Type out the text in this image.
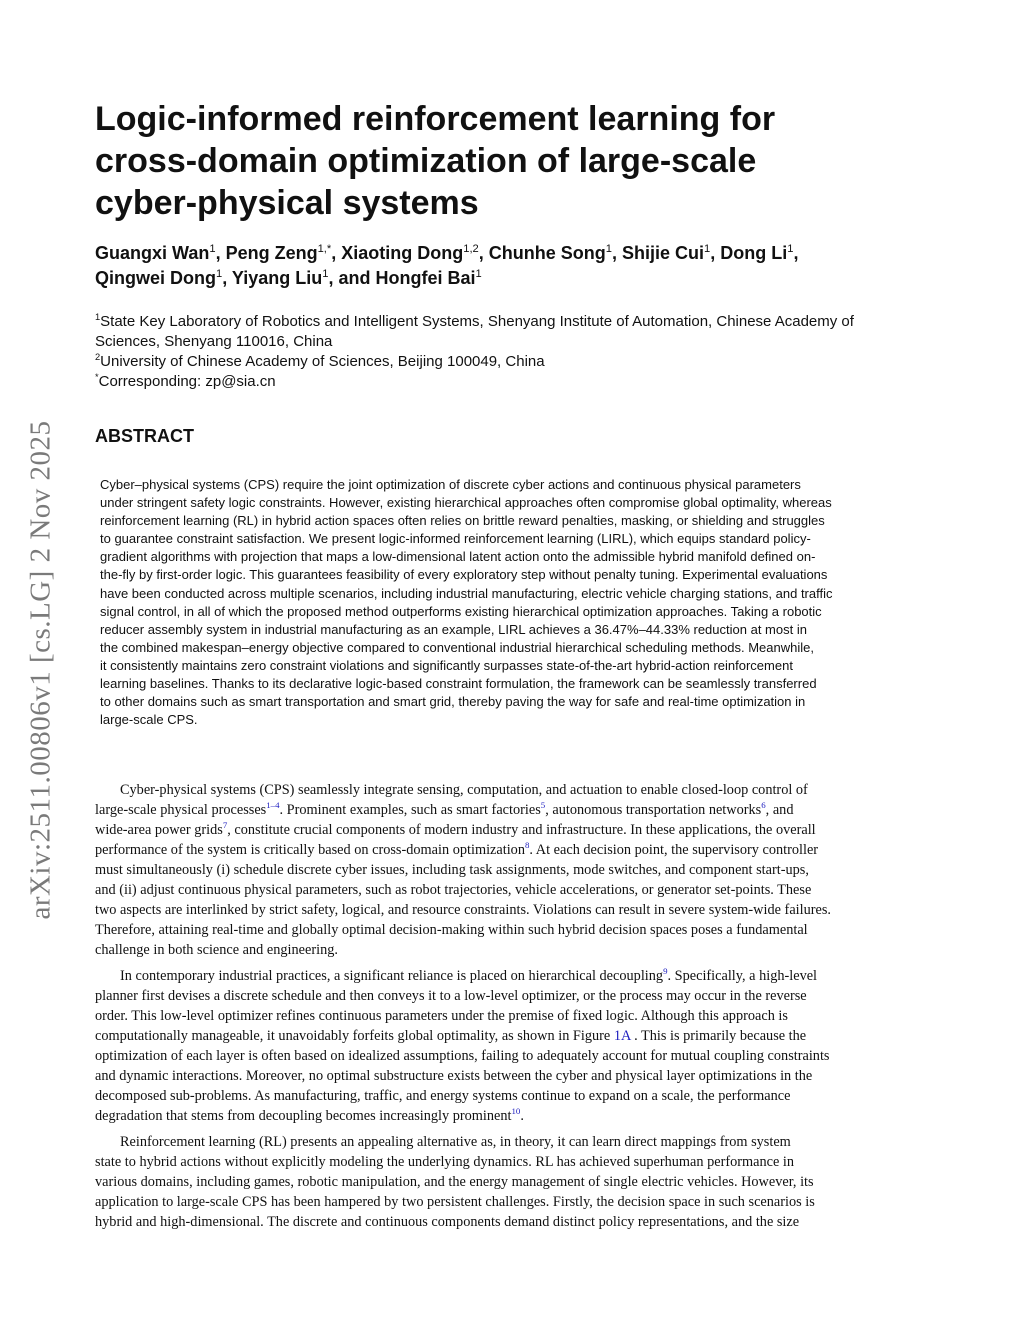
arXiv:2511.00806v1 [cs.LG] 2 Nov 2025
Logic-informed reinforcement learning for
cross-domain optimization of large-scale
cyber-physical systems
Guangxi Wan$^1$, Peng Zeng$^{1,*}$, Xiaoting Dong$^{1,2}$, Chunhe Song$^1$, Shijie Cui$^1$, Dong Li$^1$,
Qingwei Dong$^1$, Yiyang Liu$^1$, and Hongfei Bai$^1$
$^1$State Key Laboratory of Robotics and Intelligent Systems, Shenyang Institute of Automation, Chinese Academy of
Sciences, Shenyang 110016, China
$^2$University of Chinese Academy of Sciences, Beijing 100049, China
*Corresponding: zp@sia.cn
ABSTRACT
Cyber–physical systems (CPS) require the joint optimization of discrete cyber actions and continuous physical parameters
under stringent safety logic constraints. However, existing hierarchical approaches often compromise global optimality, whereas
reinforcement learning (RL) in hybrid action spaces often relies on brittle reward penalties, masking, or shielding and struggles
to guarantee constraint satisfaction. We present logic-informed reinforcement learning (LIRL), which equips standard policy-
gradient algorithms with projection that maps a low-dimensional latent action onto the admissible hybrid manifold defined on-
the-fly by first-order logic. This guarantees feasibility of every exploratory step without penalty tuning. Experimental evaluations
have been conducted across multiple scenarios, including industrial manufacturing, electric vehicle charging stations, and traffic
signal control, in all of which the proposed method outperforms existing hierarchical optimization approaches. Taking a robotic
reducer assembly system in industrial manufacturing as an example, LIRL achieves a 36.47%–44.33% reduction at most in
the combined makespan–energy objective compared to conventional industrial hierarchical scheduling methods. Meanwhile,
it consistently maintains zero constraint violations and significantly surpasses state-of-the-art hybrid-action reinforcement
learning baselines. Thanks to its declarative logic-based constraint formulation, the framework can be seamlessly transferred
to other domains such as smart transportation and smart grid, thereby paving the way for safe and real-time optimization in
large-scale CPS.

Cyber-physical systems (CPS) seamlessly integrate sensing, computation, and actuation to enable closed-loop control of
large-scale physical processes$^{1-4}$. Prominent examples, such as smart factories$^5$, autonomous transportation networks$^6$, and
wide-area power grids$^7$, constitute crucial components of modern industry and infrastructure. In these applications, the overall
performance of the system is critically based on cross-domain optimization$^8$. At each decision point, the supervisory controller
must simultaneously (i) schedule discrete cyber issues, including task assignments, mode switches, and component start-ups,
and (ii) adjust continuous physical parameters, such as robot trajectories, vehicle accelerations, or generator set-points. These
two aspects are interlinked by strict safety, logical, and resource constraints. Violations can result in severe system-wide failures.
Therefore, attaining real-time and globally optimal decision-making within such hybrid decision spaces poses a fundamental
challenge in both science and engineering.

In contemporary industrial practices, a significant reliance is placed on hierarchical decoupling$^9$. Specifically, a high-level
planner first devises a discrete schedule and then conveys it to a low-level optimizer, or the process may occur in the reverse
order. This low-level optimizer refines continuous parameters under the premise of fixed logic. Although this approach is
computationally manageable, it unavoidably forfeits global optimality, as shown in Figure 1A . This is primarily because the
optimization of each layer is often based on idealized assumptions, failing to adequately account for mutual coupling constraints
and dynamic interactions. Moreover, no optimal substructure exists between the cyber and physical layer optimizations in the
decomposed sub-problems. As manufacturing, traffic, and energy systems continue to expand on a scale, the performance
degradation that stems from decoupling becomes increasingly prominent$^{10}$.

Reinforcement learning (RL) presents an appealing alternative as, in theory, it can learn direct mappings from system
state to hybrid actions without explicitly modeling the underlying dynamics. RL has achieved superhuman performance in
various domains, including games, robotic manipulation, and the energy management of single electric vehicles. However, its
application to large-scale CPS has been hampered by two persistent challenges. Firstly, the decision space in such scenarios is
hybrid and high-dimensional. The discrete and continuous components demand distinct policy representations, and the size
